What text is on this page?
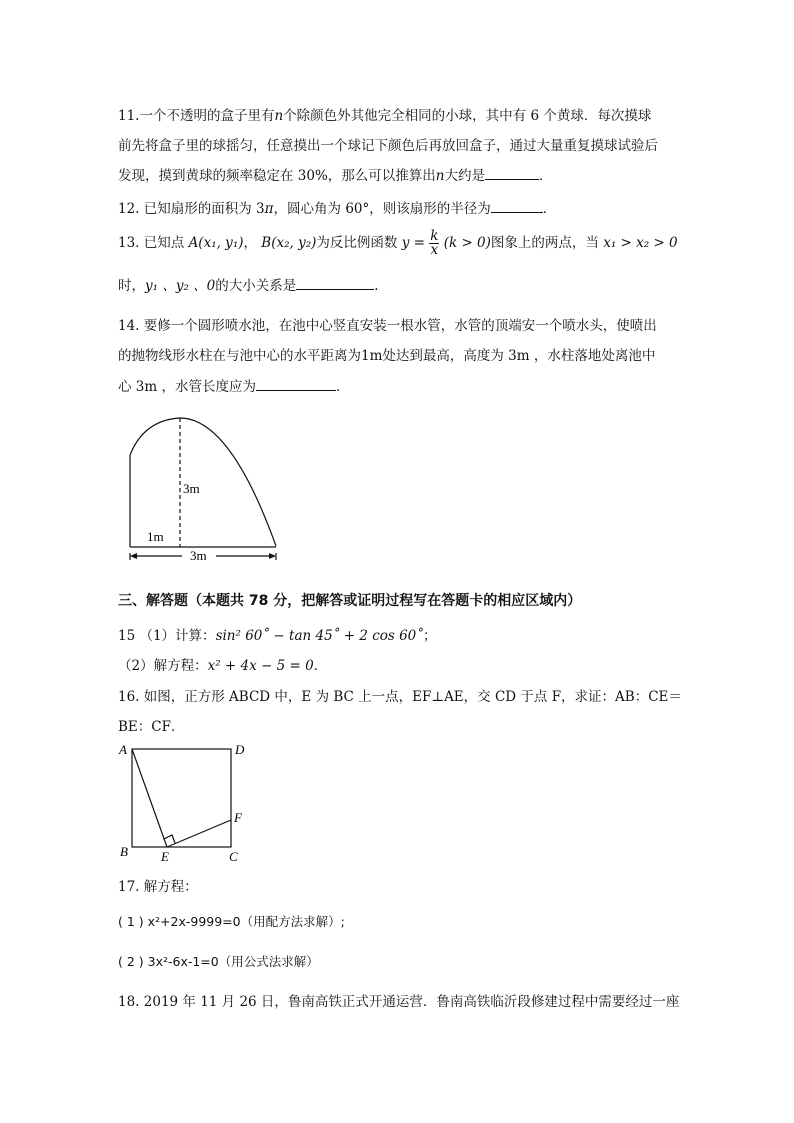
11.一个不透明的盒子里有n个除颜色外其他完全相同的小球，其中有 6 个黄球．每次摸球
前先将盒子里的球摇匀，任意摸出一个球记下颜色后再放回盒子，通过大量重复摸球试验后
发现，摸到黄球的频率稳定在 30%，那么可以推算出n大约是	．
12. 已知扇形的面积为 3π，圆心角为 60°，则该扇形的半径为	．
13. 已知点 A(x₁, y₁)， B(x₂, y₂)为反比例函数 $y = \frac{k}{x} (k > 0)$图象上的两点，当 x₁ > x₂ > 0
时，y₁ 、y₂ 、0的大小关系是	.
14. 要修一个圆形喷水池，在池中心竖直安装一根水管，水管的顶端安一个喷水头，使喷出
的抛物线形水柱在与池中心的水平距离为1m处达到最高，高度为 3m ，水柱落地处离池中
心 3m ，水管长度应为	．
3m
1m
3m
三、解答题（本题共 78 分，把解答或证明过程写在答题卡的相应区域内）
15 （1）计算：sin² 60˚ − tan 45˚ + 2 cos 60˚；
（2）解方程：x² + 4x − 5 = 0．
16. 如图，正方形 ABCD 中，E 为 BC 上一点，EF⊥AE，交 CD 于点 F，求证：AB：CE＝
BE：CF．
A	D
B	E	C
F
17. 解方程：
( 1 ) x²+2x-9999=0（用配方法求解）;
( 2 ) 3x²-6x-1=0（用公式法求解）
18. 2019 年 11 月 26 日，鲁南高铁正式开通运营．鲁南高铁临沂段修建过程中需要经过一座
